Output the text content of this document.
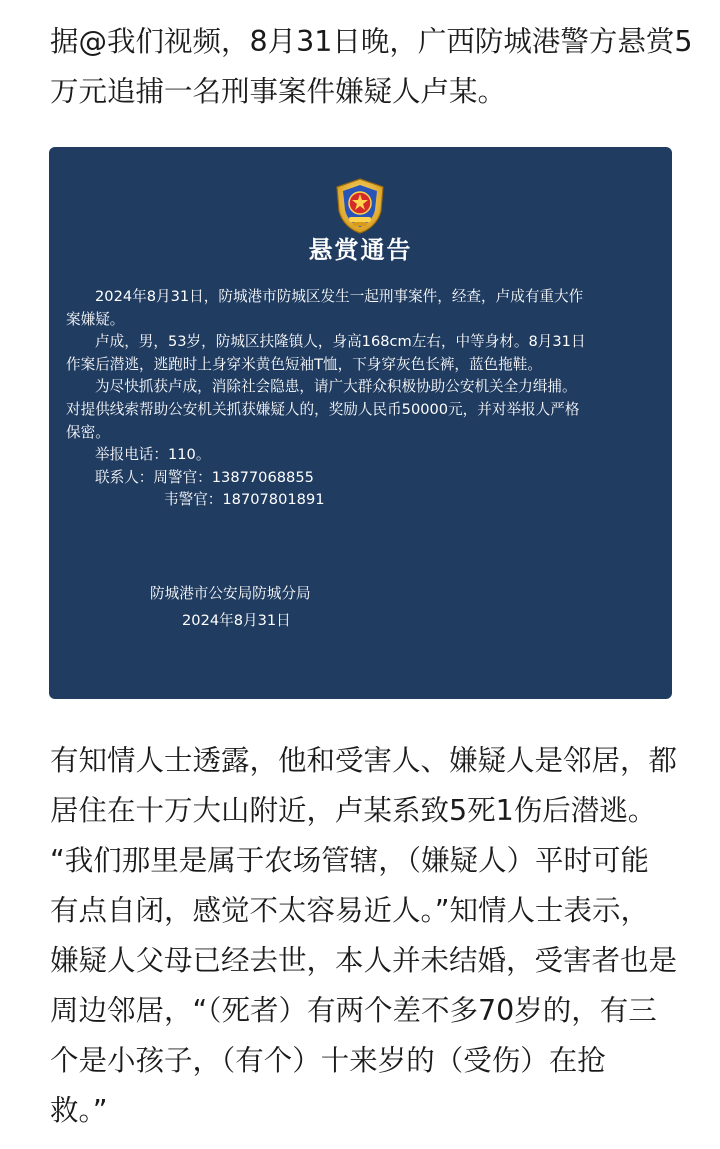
据@我们视频，8月31日晚，广西防城港警方悬赏5
万元追捕一名刑事案件嫌疑人卢某。
悬赏通告
2024年8月31日，防城港市防城区发生一起刑事案件，经查，卢成有重大作
案嫌疑。
卢成，男，53岁，防城区扶隆镇人，身高168cm左右，中等身材。8月31日
作案后潜逃，逃跑时上身穿米黄色短袖T恤，下身穿灰色长裤，蓝色拖鞋。
为尽快抓获卢成，消除社会隐患，请广大群众积极协助公安机关全力缉捕。
对提供线索帮助公安机关抓获嫌疑人的，奖励人民币50000元，并对举报人严格
保密。
举报电话：110。
联系人：周警官：13877068855
韦警官：18707801891
防城港市公安局防城分局
2024年8月31日
有知情人士透露，他和受害人、嫌疑人是邻居，都
居住在十万大山附近，卢某系致5死1伤后潜逃。
“我们那里是属于农场管辖，（嫌疑人）平时可能
有点自闭，感觉不太容易近人。”知情人士表示，
嫌疑人父母已经去世，本人并未结婚，受害者也是
周边邻居，“（死者）有两个差不多70岁的，有三
个是小孩子，（有个）十来岁的（受伤）在抢
救。”
